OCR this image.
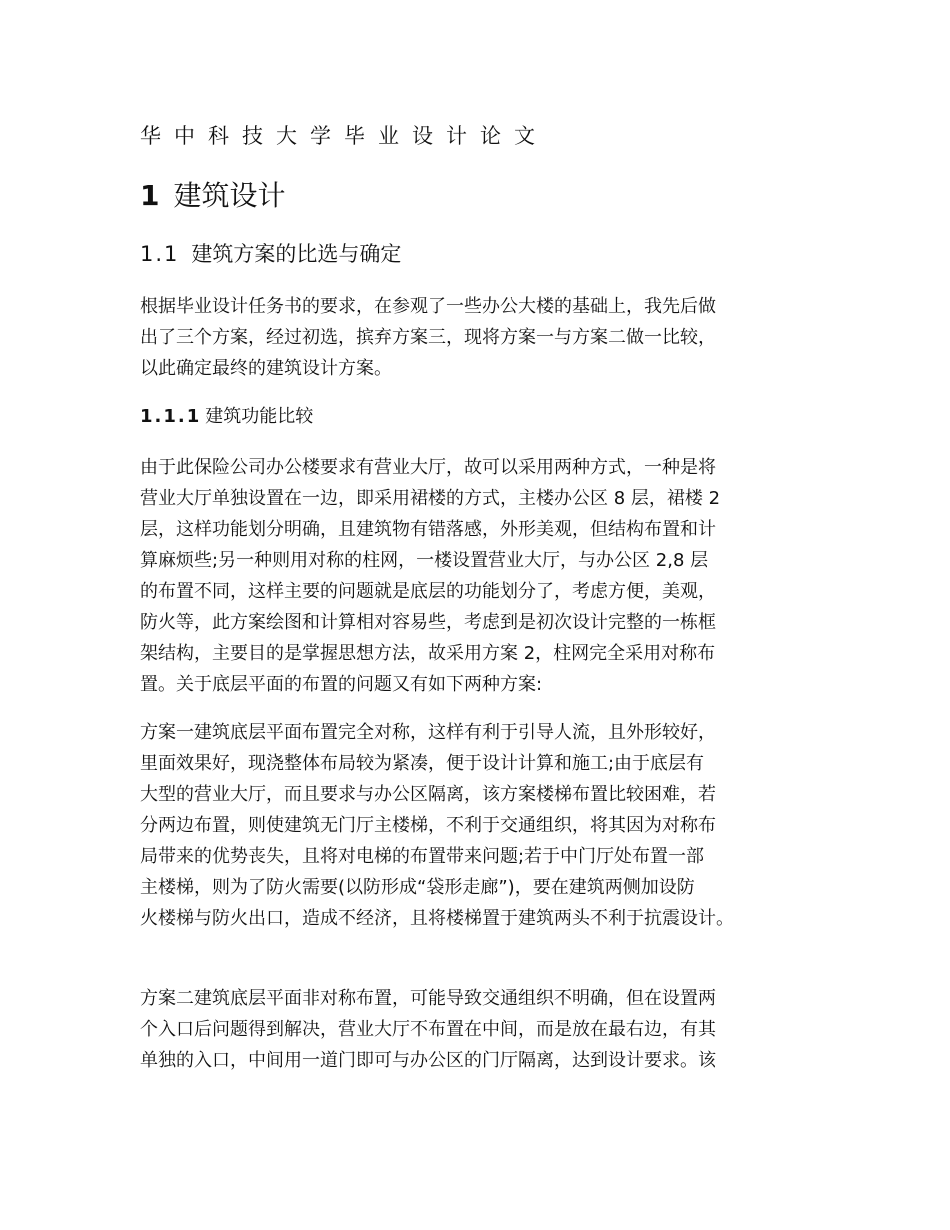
华中科技大学毕业设计论文
1 建筑设计
1.1 建筑方案的比选与确定

根据毕业设计任务书的要求，在参观了一些办公大楼的基础上，我先后做
出了三个方案，经过初选，摈弃方案三，现将方案一与方案二做一比较，
以此确定最终的建筑设计方案。

1.1.1 建筑功能比较

由于此保险公司办公楼要求有营业大厅，故可以采用两种方式，一种是将
营业大厅单独设置在一边，即采用裙楼的方式，主楼办公区 8 层，裙楼 2
层，这样功能划分明确，且建筑物有错落感，外形美观，但结构布置和计
算麻烦些;另一种则用对称的柱网，一楼设置营业大厅，与办公区 2,8 层
的布置不同，这样主要的问题就是底层的功能划分了，考虑方便，美观，
防火等，此方案绘图和计算相对容易些，考虑到是初次设计完整的一栋框
架结构，主要目的是掌握思想方法，故采用方案 2，柱网完全采用对称布
置。关于底层平面的布置的问题又有如下两种方案:

方案一建筑底层平面布置完全对称，这样有利于引导人流，且外形较好，
里面效果好，现浇整体布局较为紧凑，便于设计计算和施工;由于底层有
大型的营业大厅，而且要求与办公区隔离，该方案楼梯布置比较困难，若
分两边布置，则使建筑无门厅主楼梯，不利于交通组织，将其因为对称布
局带来的优势丧失，且将对电梯的布置带来问题;若于中门厅处布置一部
主楼梯，则为了防火需要(以防形成“袋形走廊”)，要在建筑两侧加设防
火楼梯与防火出口，造成不经济，且将楼梯置于建筑两头不利于抗震设计。

方案二建筑底层平面非对称布置，可能导致交通组织不明确，但在设置两
个入口后问题得到解决，营业大厅不布置在中间，而是放在最右边，有其
单独的入口，中间用一道门即可与办公区的门厅隔离，达到设计要求。该
